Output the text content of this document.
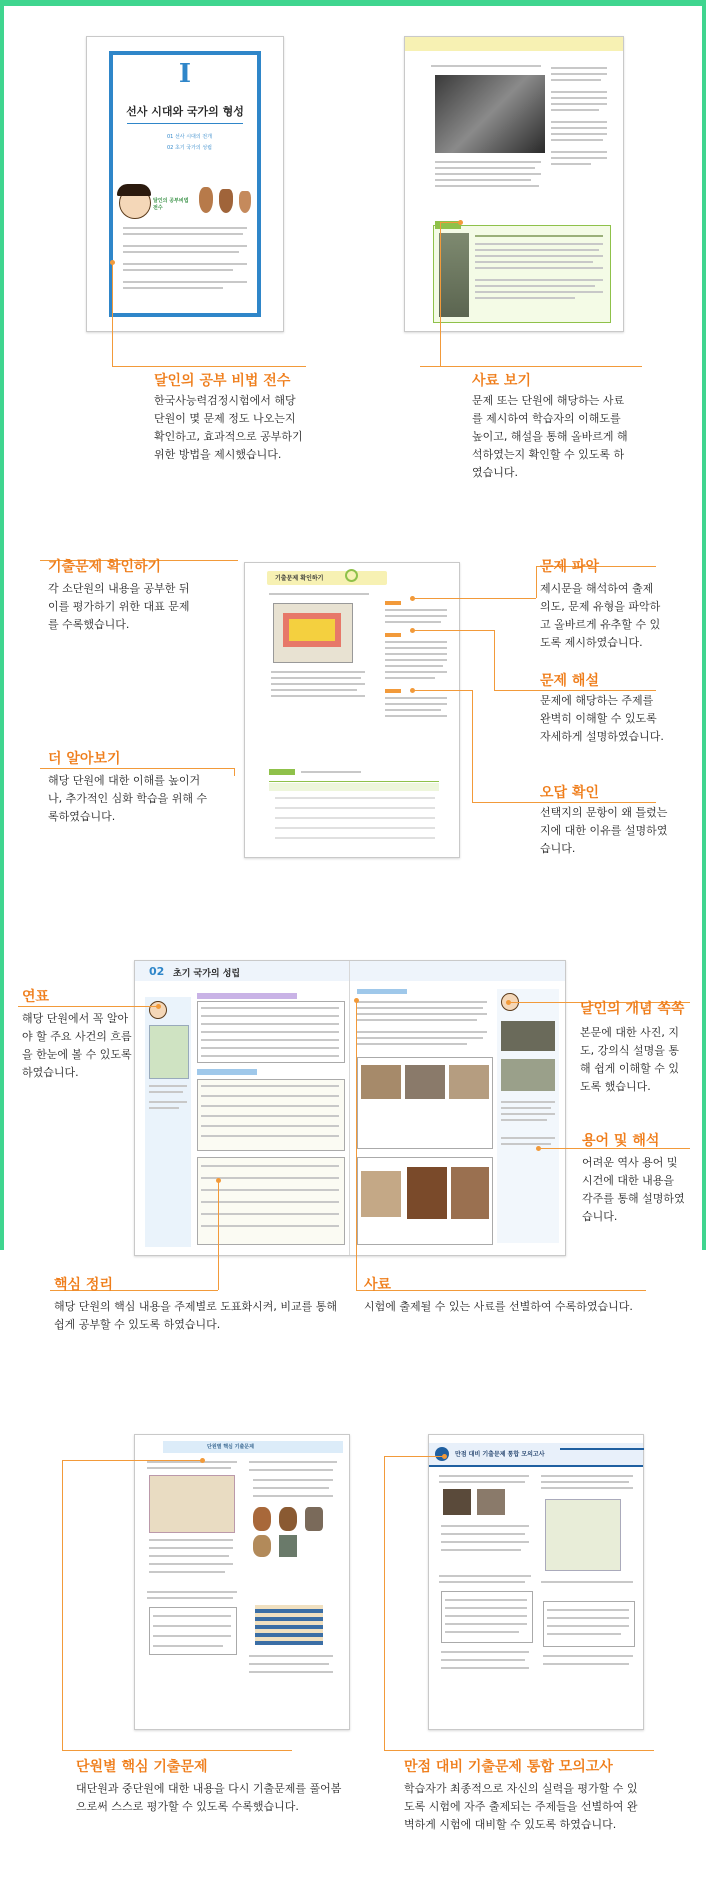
I
선사 시대와 국가의 형성
01 선사 시대의 전개
02 초기 국가의 성립
달인의 공부비법 전수
달인의 공부 비법 전수
한국사능력검정시험에서 해당 단원이 몇 문제 정도 나오는지 확인하고, 효과적으로 공부하기 위한 방법을 제시했습니다.
사료 보기
문제 또는 단원에 해당하는 사료를 제시하여 학습자의 이해도를 높이고, 해설을 통해 올바르게 해석하였는지 확인할 수 있도록 하였습니다.
기출문제 확인하기
기출문제 확인하기
각 소단원의 내용을 공부한 뒤 이를 평가하기 위한 대표 문제를 수록했습니다.
문제 파악
제시문을 해석하여 출제 의도, 문제 유형을 파악하고 올바르게 유추할 수 있도록 제시하였습니다.
문제 해설
문제에 해당하는 주제를 완벽히 이해할 수 있도록 자세하게 설명하였습니다.
더 알아보기
해당 단원에 대한 이해를 높이거나, 추가적인 심화 학습을 위해 수록하였습니다.
오답 확인
선택지의 문항이 왜 틀렸는지에 대한 이유를 설명하였습니다.
02 초기 국가의 성립
연표
해당 단원에서 꼭 알아야 할 주요 사건의 흐름을 한눈에 볼 수 있도록 하였습니다.
달인의 개념 쏙쏙
본문에 대한 사진, 지도, 강의식 설명을 통해 쉽게 이해할 수 있도록 했습니다.
용어 및 해석
어려운 역사 용어 및 시건에 대한 내용을 각주를 통해 설명하였습니다.
핵심 정리
해당 단원의 핵심 내용을 주제별로 도표화시켜, 비교를 통해 쉽게 공부할 수 있도록 하였습니다.
사료
시험에 출제될 수 있는 사료를 선별하여 수록하였습니다.
단원별 핵심 기출문제
만점 대비 기출문제 통합 모의고사
단원별 핵심 기출문제
대단원과 중단원에 대한 내용을 다시 기출문제를 풀어봄으로써 스스로 평가할 수 있도록 수록했습니다.
만점 대비 기출문제 통합 모의고사
학습자가 최종적으로 자신의 실력을 평가할 수 있도록 시험에 자주 출제되는 주제들을 선별하여 완벽하게 시험에 대비할 수 있도록 하였습니다.
